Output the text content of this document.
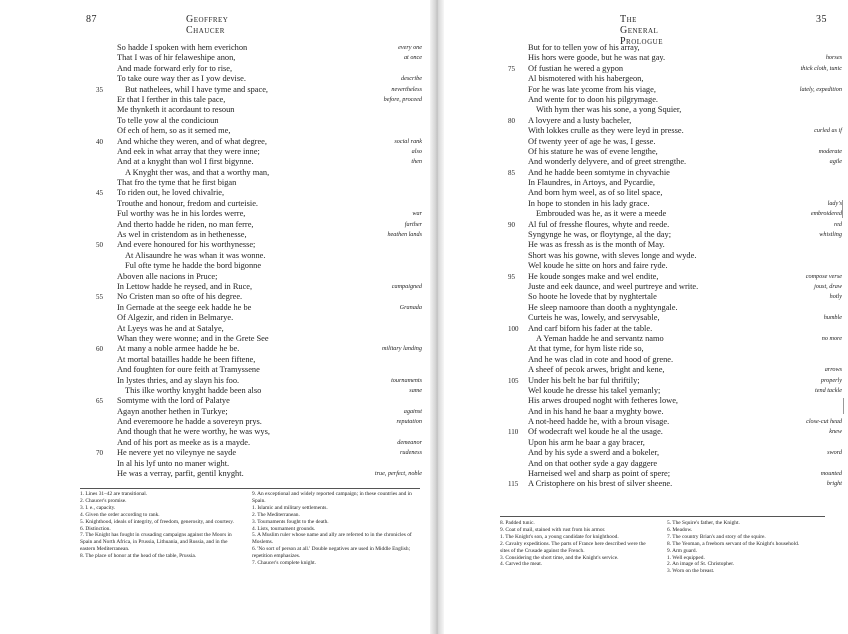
87	Geoffrey Chaucer
So hadde I spoken with hem everichon	every one
That I was of hir felaweshipe anon,	at once
And made forward erly for to rise,
To take oure way ther as I yow devise.	describe
35	But nathelees, whil I have tyme and space,	nevertheless
Er that I ferther in this tale pace,	before, proceed
Me thynketh it acordaunt to resoun
To telle yow al the condicioun
Of ech of hem, so as it semed me,
40 And whiche they weren, and of what degree,	social rank
And eek in what array that they were inne;	also
And at a knyght than wol I first bigynne.	then
A Knyght ther was, and that a worthy man,
That fro the tyme that he first bigan
45 To riden out, he loved chivalrie,
Trouthe and honour, fredom and curteisie.
Ful worthy was he in his lordes werre,	war
And therto hadde he riden, no man ferre,	farther
As wel in cristendom as in hethenesse,	heathen lands
50 And evere honoured for his worthynesse;
At Alisaundre he was whan it was wonne.
Ful ofte tyme he hadde the bord bigonne
Aboven alle nacions in Pruce;
In Lettow hadde he reysed, and in Ruce,	campaigned
55 No Cristen man so ofte of his degree.
In Gernade at the seege eek hadde he be	Granada
Of Algezir, and riden in Belmarye.
At Lyeys was he and at Satalye,
Whan they were wonne; and in the Grete See
60 At many a noble armee hadde he be.	military landing
At mortal batailles hadde he been fiftene,
And foughten for oure feith at Tramyssene
In lystes thries, and ay slayn his foo.	tournaments
This ilke worthy knyght hadde been also	same
65 Somtyme with the lord of Palatye
Agayn another hethen in Turkye;	against
And everemoore he hadde a sovereyn prys.	reputation
And though that he were worthy, he was wys,
And of his port as meeke as is a mayde.	demeanor
70 He nevere yet no vileynye ne sayde	rudeness
In al his lyf unto no maner wight.
He was a verray, parfit, gentil knyght.	true, perfect, noble
1. Lines 31–42 are transitional.
2. Chaucer's promise.
3. I. e., capacity.
4. Given the order according to rank.
5. Knighthood, ideals of integrity, of freedom, generosity, and courtesy.
6. Distinction.
7. The Knight has fought in crusading campaigns against the Moors in Spain and North Africa, in Prussia, Lithuania, and Russia, and in the eastern Mediterranean.
8. The place of honor at the head of the table, Prussia.
9. An exceptional and widely reported campaign; in these countries and in Spain.
1. Islamic and military settlements.
2. The Mediterranean.
3. Tournaments fought to the death.
4. Lists, tournament grounds.
5. A Muslim ruler whose name and ally are referred to in the chronicles of Moslems.
6. 'No sort of person at all.' Double negatives are used in Middle English; repetition emphasizes.
7. Chaucer's complete knight.
The General Prologue
35
But for to tellen yow of his array,
His hors were goode, but he was nat gay.	horses
75 Of fustian he wered a gypon	thick cloth, tunic
Al bismotered with his habergeon,
For he was late ycome from his viage,	lately, expedition
And wente for to doon his pilgrymage.
With hym ther was his sone, a yong Squier,
80 A lovyere and a lusty bacheler,
With lokkes crulle as they were leyd in presse.	curled as if
Of twenty yeer of age he was, I gesse.
Of his stature he was of evene lengthe,	moderate
And wonderly delyvere, and of greet strengthe.	agile
85 And he hadde been somtyme in chyvachie
In Flaundres, in Artoys, and Pycardie,
And born hym weel, as of so litel space,
In hope to stonden in his lady grace.	lady's
Embrouded was he, as it were a meede	embroidered
90 Al ful of fresshe floures, whyte and reede.	red
Syngynge he was, or floytynge, al the day;	whistling
He was as fressh as is the month of May.
Short was his gowne, with sleves longe and wyde.
Wel koude he sitte on hors and faire ryde.
95 He koude songes make and wel endite,	compose verse
Juste and eek daunce, and weel purtreye and write.	joust, draw
So hoote he lovede that by nyghtertale	hotly
He sleep namoore than dooth a nyghtyngale.
Curteis he was, lowely, and servysable,	humble
100 And carf biforn his fader at the table.
A Yeman hadde he and servantz namo	no more
At that tyme, for hym liste ride so,
And he was clad in cote and hood of grene.
A sheef of pecok arwes, bright and kene,	arrows
105 Under his belt he bar ful thriftily;	properly
Wel koude he dresse his takel yemanly;	tend tackle
His arwes drouped noght with fetheres lowe,
And in his hand he baar a myghty bowe.
A not-heed hadde he, with a broun visage.	close-cut head
110 Of wodecraft wel koude he al the usage.	knew
Upon his arm he baar a gay bracer,
And by his syde a swerd and a bokeler,	sword
And on that oother syde a gay daggere
Harneised wel and sharp as point of spere;	mounted
115 A Cristophere on his brest of silver sheene.	bright
8. Padded tunic.
9. Coat of mail, stained with rust from his armor.
1. The Knight's son, a young candidate for knighthood.
2. Cavalry expeditions. The parts of France here described were the sites of the Crusade against the French.
3. Considering the short time, and the Knight's service.
4. Carved the meat.
5. The Squire's father, the Knight.
6. Meadow.
7. The country Brian's and story of the squire.
8. The Yeoman, a freeborn servant of the Knight's household.
9. Arm guard.
1. Well equipped.
2. An image of St. Christopher.
3. Worn on the breast.
